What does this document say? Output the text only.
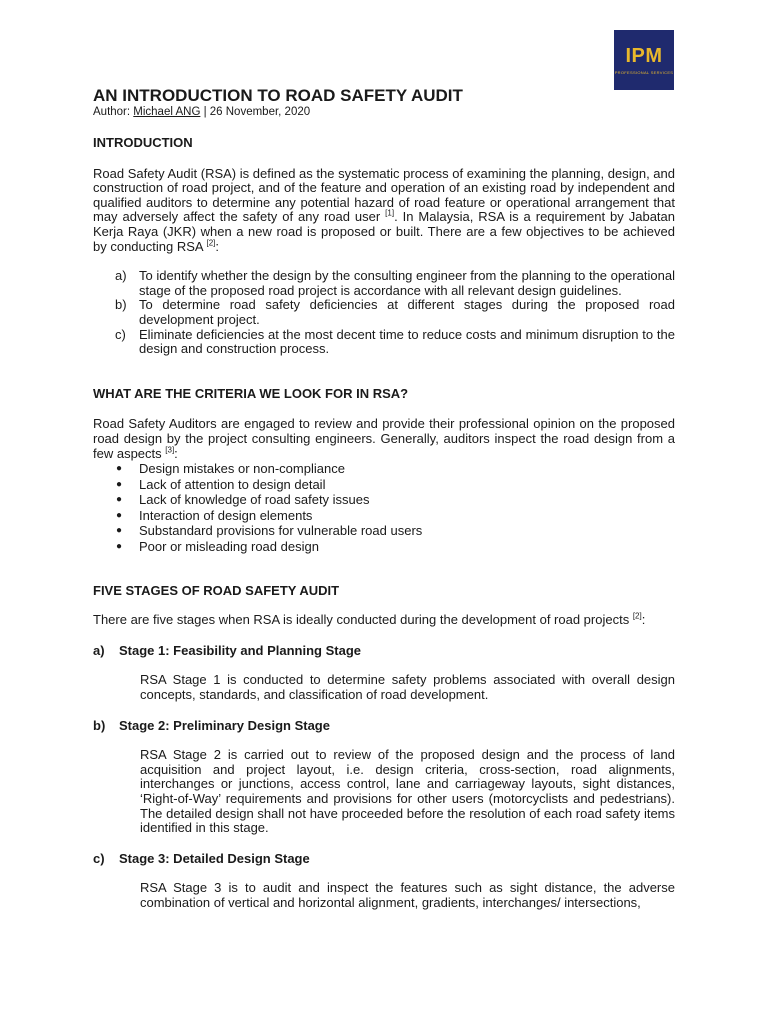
IPM
PROFESSIONAL SERVICES
AN INTRODUCTION TO ROAD SAFETY AUDIT
Author: Michael ANG | 26 November, 2020
INTRODUCTION

Road Safety Audit (RSA) is defined as the systematic process of examining the planning, design, and construction of road project, and of the feature and operation of an existing road by independent and qualified auditors to determine any potential hazard of road feature or operational arrangement that may adversely affect the safety of any road user [1]. In Malaysia, RSA is a requirement by Jabatan Kerja Raya (JKR) when a new road is proposed or built. There are a few objectives to be achieved by conducting RSA [2]:

a) To identify whether the design by the consulting engineer from the planning to the operational stage of the proposed road project is accordance with all relevant design guidelines.
b) To determine road safety deficiencies at different stages during the proposed road development project.
c) Eliminate deficiencies at the most decent time to reduce costs and minimum disruption to the design and construction process.
WHAT ARE THE CRITERIA WE LOOK FOR IN RSA?

Road Safety Auditors are engaged to review and provide their professional opinion on the proposed road design by the project consulting engineers. Generally, auditors inspect the road design from a few aspects [3]:

● Design mistakes or non-compliance
● Lack of attention to design detail
● Lack of knowledge of road safety issues
● Interaction of design elements
● Substandard provisions for vulnerable road users
● Poor or misleading road design
FIVE STAGES OF ROAD SAFETY AUDIT

There are five stages when RSA is ideally conducted during the development of road projects [2]:

a) Stage 1: Feasibility and Planning Stage

RSA Stage 1 is conducted to determine safety problems associated with overall design concepts, standards, and classification of road development.

b) Stage 2: Preliminary Design Stage

RSA Stage 2 is carried out to review of the proposed design and the process of land acquisition and project layout, i.e. design criteria, cross-section, road alignments, interchanges or junctions, access control, lane and carriageway layouts, sight distances, ‘Right-of-Way’ requirements and provisions for other users (motorcyclists and pedestrians). The detailed design shall not have proceeded before the resolution of each road safety items identified in this stage.

c) Stage 3: Detailed Design Stage

RSA Stage 3 is to audit and inspect the features such as sight distance, the adverse combination of vertical and horizontal alignment, gradients, interchanges/ intersections,
